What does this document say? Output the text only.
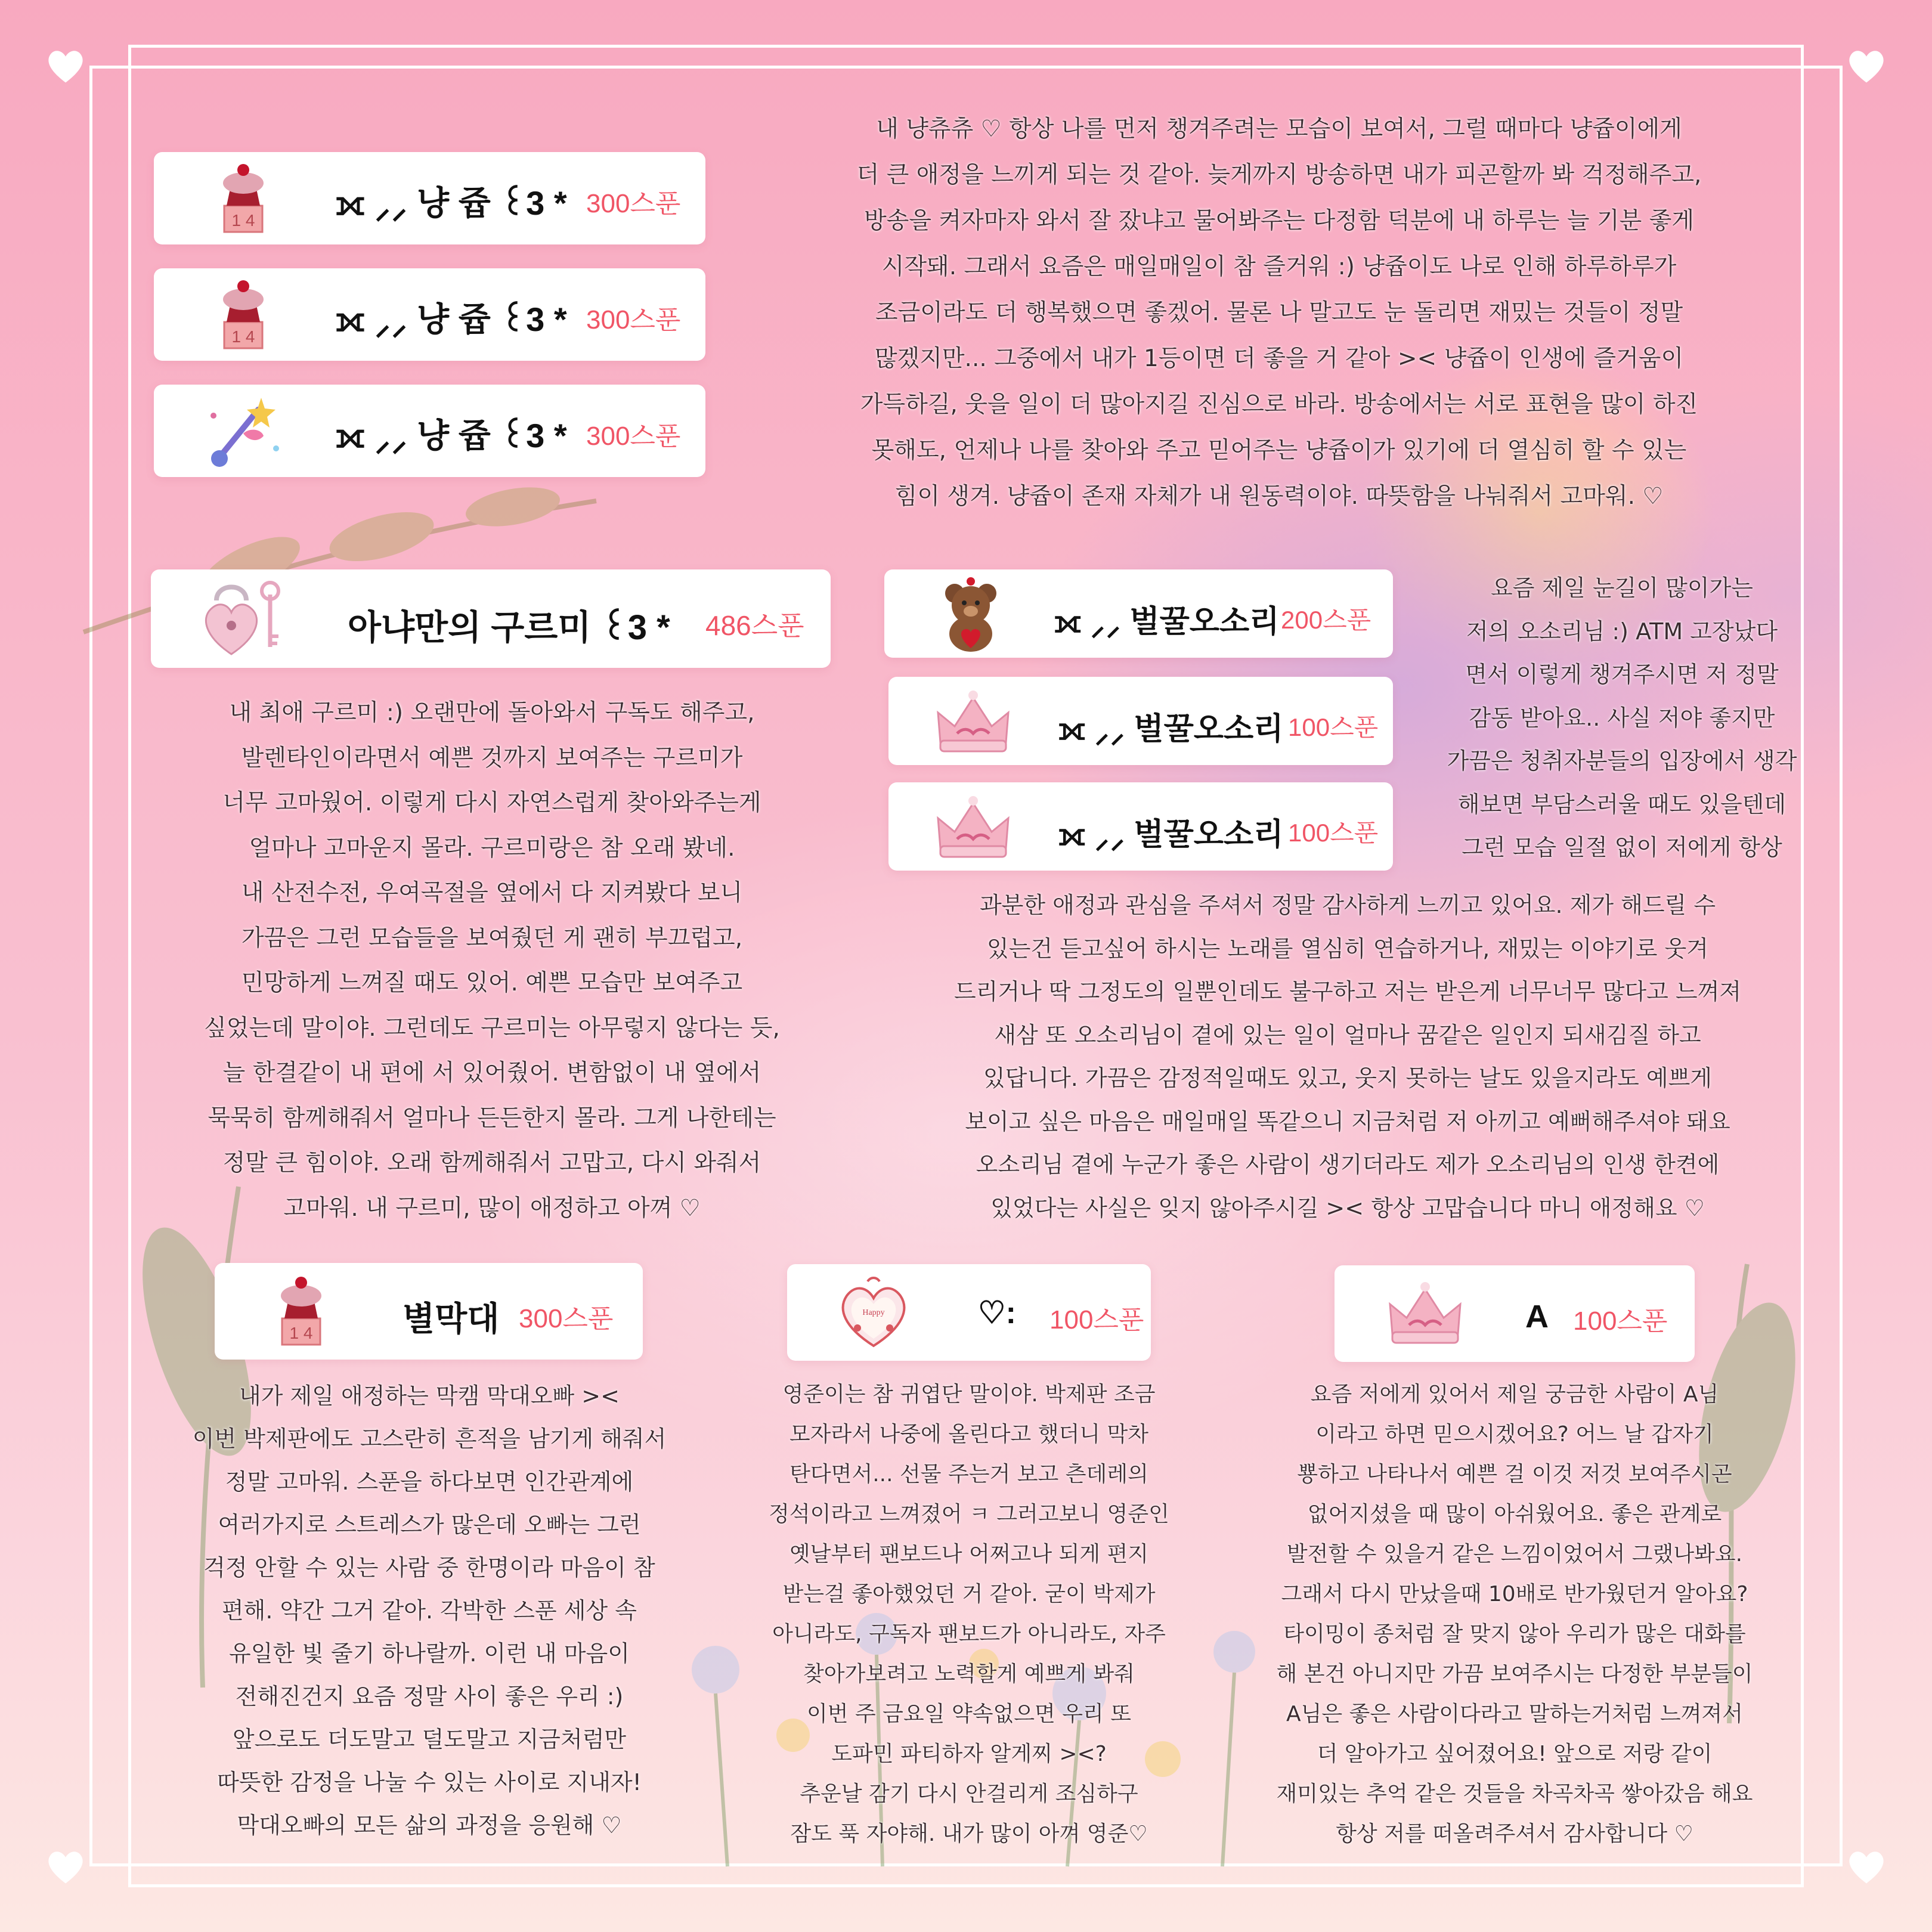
1 4 ⟗ ⸝⸝ 냥 쥽 ꒰3 * 300스푼
1 4 ⟗ ⸝⸝ 냥 쥽 ꒰3 * 300스푼
⟗ ⸝⸝ 냥 쥽 ꒰3 * 300스푼

내 냥츄츄 ♡ 항상 나를 먼저 챙겨주려는 모습이 보여서, 그럴 때마다 냥쥽이에게

더 큰 애정을 느끼게 되는 것 같아. 늦게까지 방송하면 내가 피곤할까 봐 걱정해주고,

방송을 켜자마자 와서 잘 잤냐고 물어봐주는 다정함 덕분에 내 하루는 늘 기분 좋게

시작돼. 그래서 요즘은 매일매일이 참 즐거워 :) 냥쥽이도 나로 인해 하루하루가

조금이라도 더 행복했으면 좋겠어. 물론 나 말고도 눈 돌리면 재밌는 것들이 정말

많겠지만... 그중에서 내가 1등이면 더 좋을 거 같아 >< 냥쥽이 인생에 즐거움이

가득하길, 웃을 일이 더 많아지길 진심으로 바라. 방송에서는 서로 표현을 많이 하진

못해도, 언제나 나를 찾아와 주고 믿어주는 냥쥽이가 있기에 더 열심히 할 수 있는

힘이 생겨. 냥쥽이 존재 자체가 내 원동력이야. 따뜻함을 나눠줘서 고마워. ♡

아냐만의 구르미 ꒰3 * 486스푼

내 최애 구르미 :) 오랜만에 돌아와서 구독도 해주고,

발렌타인이라면서 예쁜 것까지 보여주는 구르미가

너무 고마웠어. 이렇게 다시 자연스럽게 찾아와주는게

얼마나 고마운지 몰라. 구르미랑은 참 오래 봤네.

내 산전수전, 우여곡절을 옆에서 다 지켜봤다 보니

가끔은 그런 모습들을 보여줬던 게 괜히 부끄럽고,

민망하게 느껴질 때도 있어. 예쁜 모습만 보여주고

싶었는데 말이야. 그런데도 구르미는 아무렇지 않다는 듯,

늘 한결같이 내 편에 서 있어줬어. 변함없이 내 옆에서

묵묵히 함께해줘서 얼마나 든든한지 몰라. 그게 나한테는

정말 큰 힘이야. 오래 함께해줘서 고맙고, 다시 와줘서

고마워. 내 구르미, 많이 애정하고 아껴 ♡

⟗ ⸝⸝ 벌꿀오소리 200스푼
⟗ ⸝⸝ 벌꿀오소리 100스푼
⟗ ⸝⸝ 벌꿀오소리 100스푼

요즘 제일 눈길이 많이가는

저의 오소리님 :) ATM 고장났다

면서 이렇게 챙겨주시면 저 정말

감동 받아요.. 사실 저야 좋지만

가끔은 청취자분들의 입장에서 생각

해보면 부담스러울 때도 있을텐데

그런 모습 일절 없이 저에게 항상

과분한 애정과 관심을 주셔서 정말 감사하게 느끼고 있어요. 제가 해드릴 수

있는건 듣고싶어 하시는 노래를 열심히 연습하거나, 재밌는 이야기로 웃겨

드리거나 딱 그정도의 일뿐인데도 불구하고 저는 받은게 너무너무 많다고 느껴져

새삼 또 오소리님이 곁에 있는 일이 얼마나 꿈같은 일인지 되새김질 하고

있답니다. 가끔은 감정적일때도 있고, 웃지 못하는 날도 있을지라도 예쁘게

보이고 싶은 마음은 매일매일 똑같으니 지금처럼 저 아끼고 예뻐해주셔야 돼요

오소리님 곁에 누군가 좋은 사람이 생기더라도 제가 오소리님의 인생 한켠에

있었다는 사실은 잊지 않아주시길 >< 항상 고맙습니다 마니 애정해요 ♡

1 4	별막대 300스푼	Happy	♡: 100스푼	A 100스푼

내가 제일 애정하는 막캠 막대오빠 ><

이번 박제판에도 고스란히 흔적을 남기게 해줘서

정말 고마워. 스푼을 하다보면 인간관계에

여러가지로 스트레스가 많은데 오빠는 그런

걱정 안할 수 있는 사람 중 한명이라 마음이 참

편해. 약간 그거 같아. 각박한 스푼 세상 속

유일한 빛 줄기 하나랄까. 이런 내 마음이

전해진건지 요즘 정말 사이 좋은 우리 :)

앞으로도 더도말고 덜도말고 지금처럼만

따뜻한 감정을 나눌 수 있는 사이로 지내자!

막대오빠의 모든 삶의 과정을 응원해 ♡

영준이는 참 귀엽단 말이야. 박제판 조금

모자라서 나중에 올린다고 했더니 막차

탄다면서... 선물 주는거 보고 츤데레의

정석이라고 느껴졌어 ㅋ 그러고보니 영준인

옛날부터 팬보드나 어쩌고나 되게 편지

받는걸 좋아했었던 거 같아. 굳이 박제가

아니라도, 구독자 팬보드가 아니라도, 자주

찾아가보려고 노력할게 예쁘게 봐줘

이번 주 금요일 약속없으면 우리 또

도파민 파티하자 알게찌 ><?

추운날 감기 다시 안걸리게 조심하구

잠도 푹 자야해. 내가 많이 아껴 영준♡

요즘 저에게 있어서 제일 궁금한 사람이 A님

이라고 하면 믿으시겠어요? 어느 날 갑자기

뿅하고 나타나서 예쁜 걸 이것 저것 보여주시곤

없어지셨을 때 많이 아쉬웠어요. 좋은 관계로

발전할 수 있을거 같은 느낌이었어서 그랬나봐요.

그래서 다시 만났을때 10배로 반가웠던거 알아요?

타이밍이 종처럼 잘 맞지 않아 우리가 많은 대화를

해 본건 아니지만 가끔 보여주시는 다정한 부분들이

A님은 좋은 사람이다라고 말하는거처럼 느껴져서

더 알아가고 싶어졌어요! 앞으로 저랑 같이

재미있는 추억 같은 것들을 차곡차곡 쌓아갔음 해요

항상 저를 떠올려주셔서 감사합니다 ♡
